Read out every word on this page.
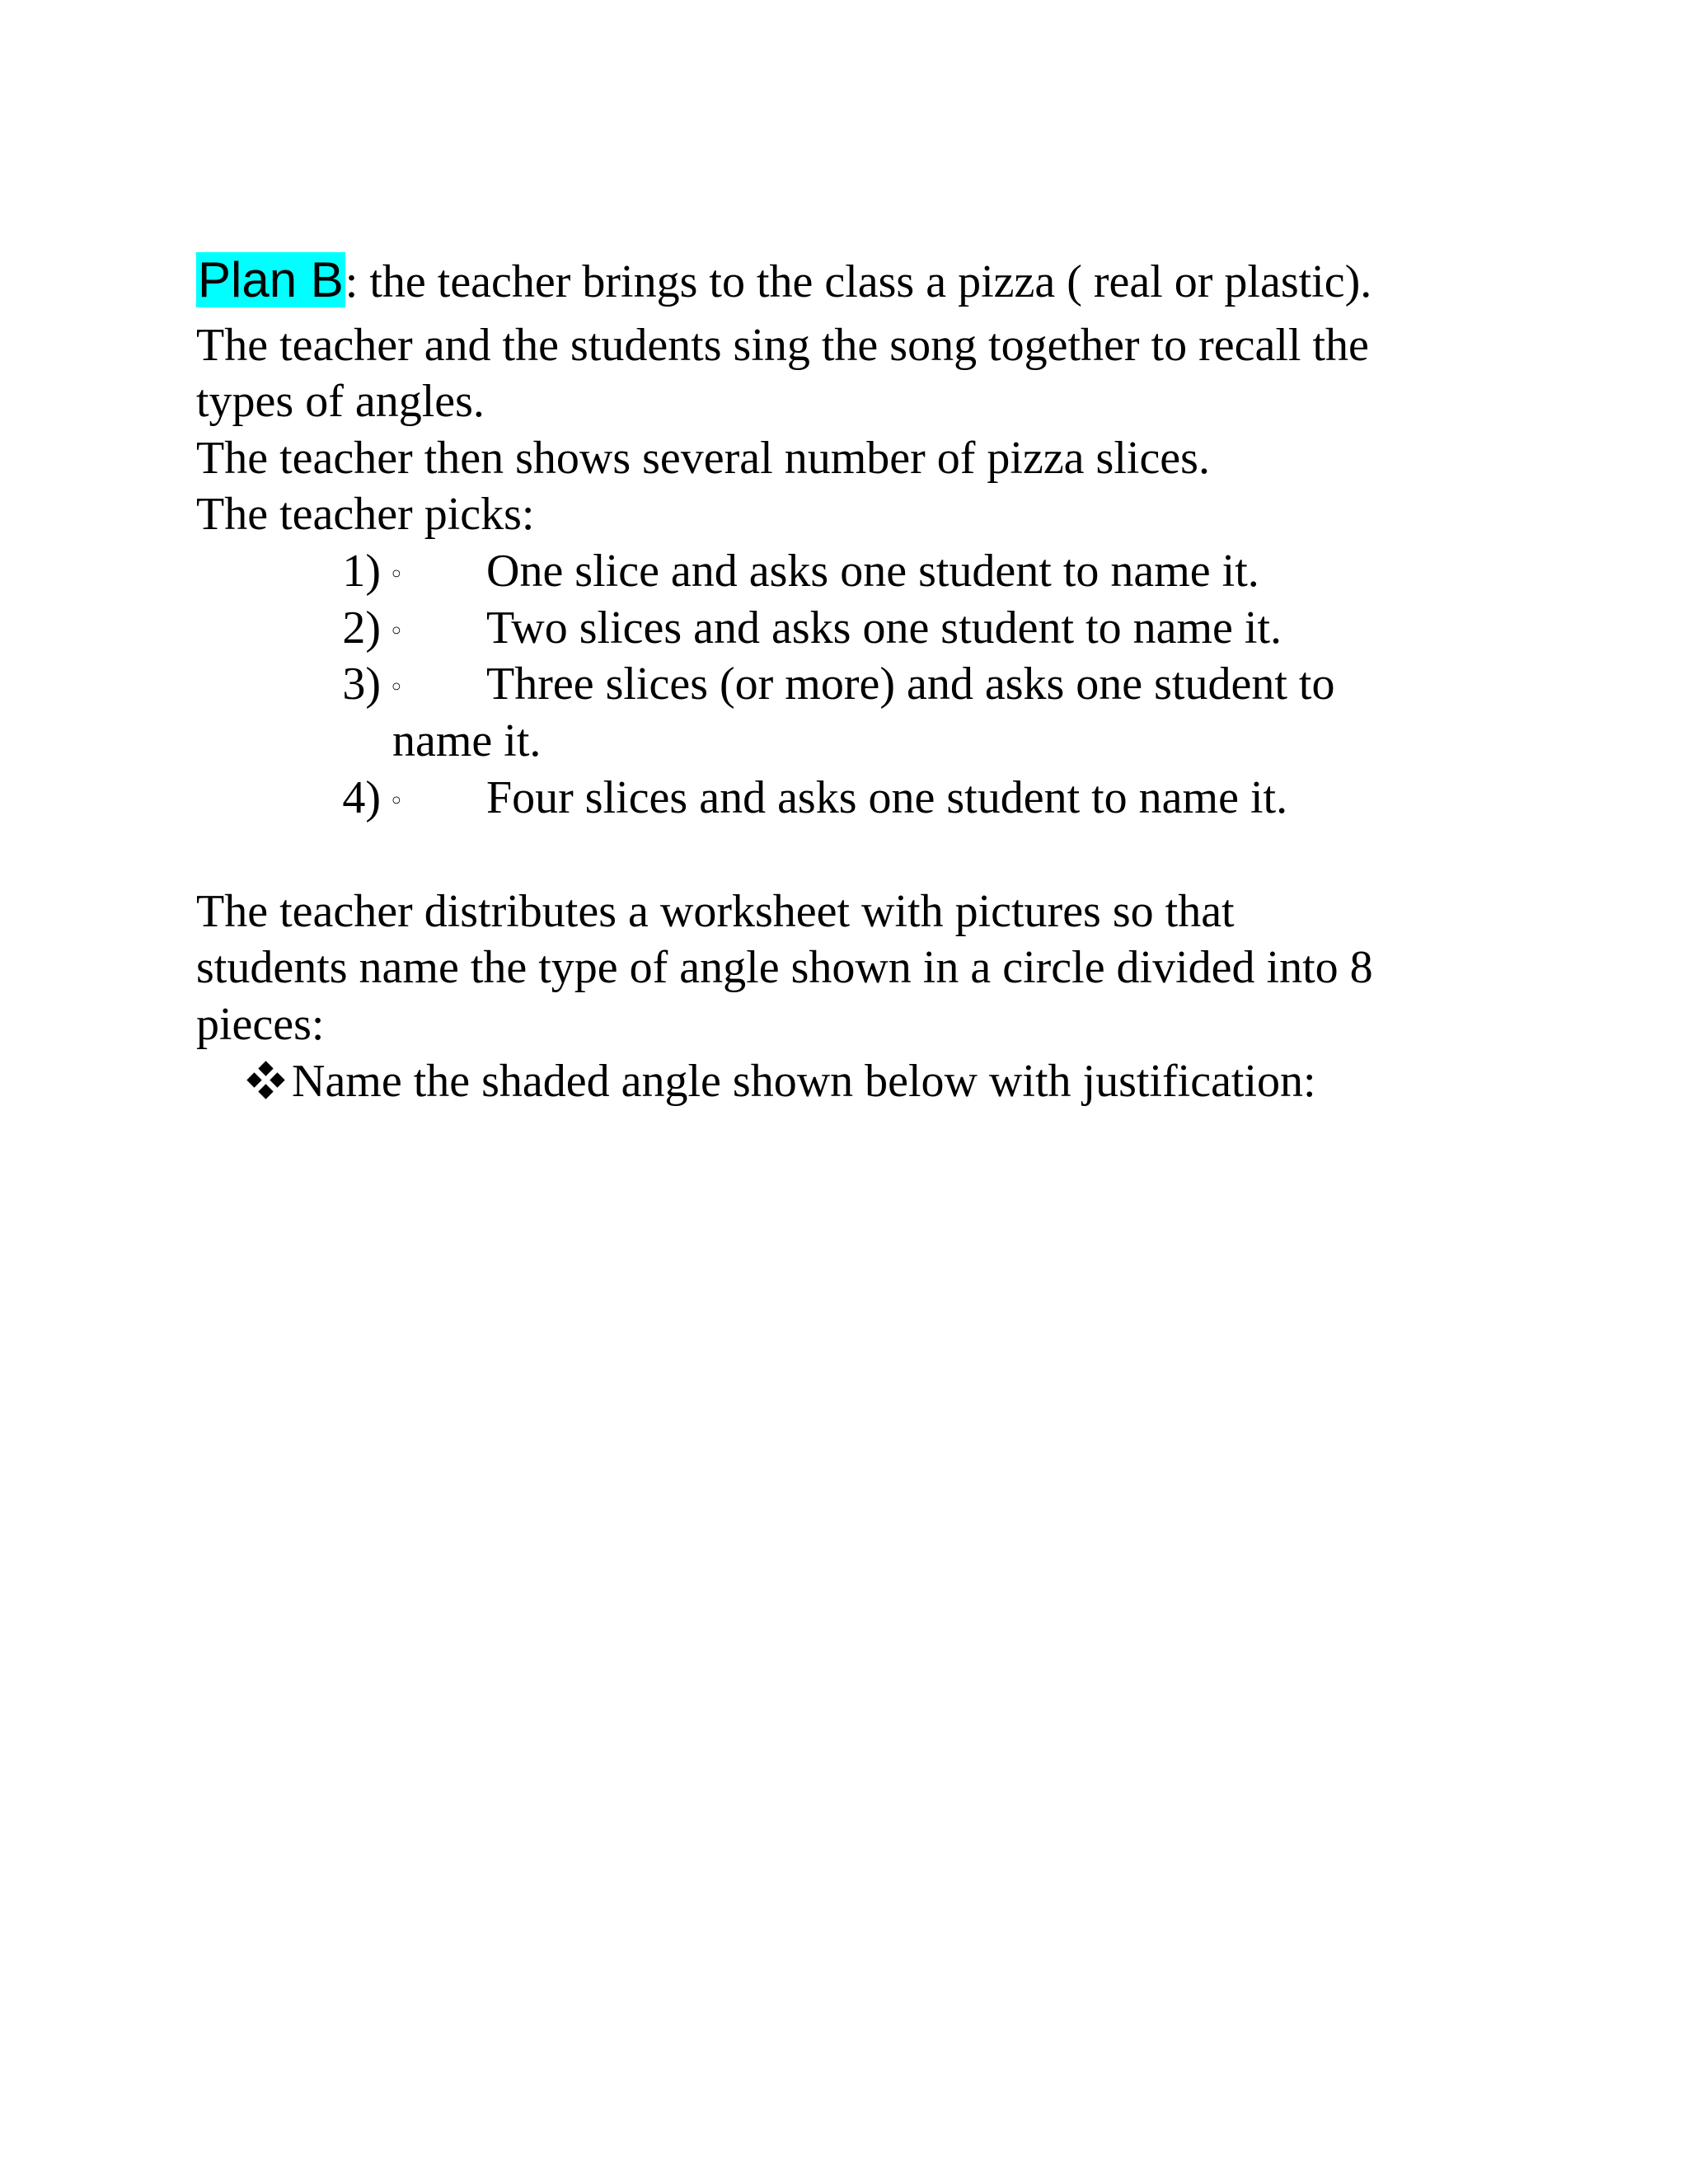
Plan B: the teacher brings to the class a pizza ( real or plastic).
The teacher and the students sing the song together to recall the
types of angles.
The teacher then shows several number of pizza slices.
The teacher picks:
1) ◦ One slice and asks one student to name it.
2) ◦ Two slices and asks one student to name it.
3) ◦ Three slices (or more) and asks one student to
name it.
4) ◦ Four slices and asks one student to name it.
The teacher distributes a worksheet with pictures so that
students name the type of angle shown in a circle divided into 8
pieces:
Name the shaded angle shown below with justification:
